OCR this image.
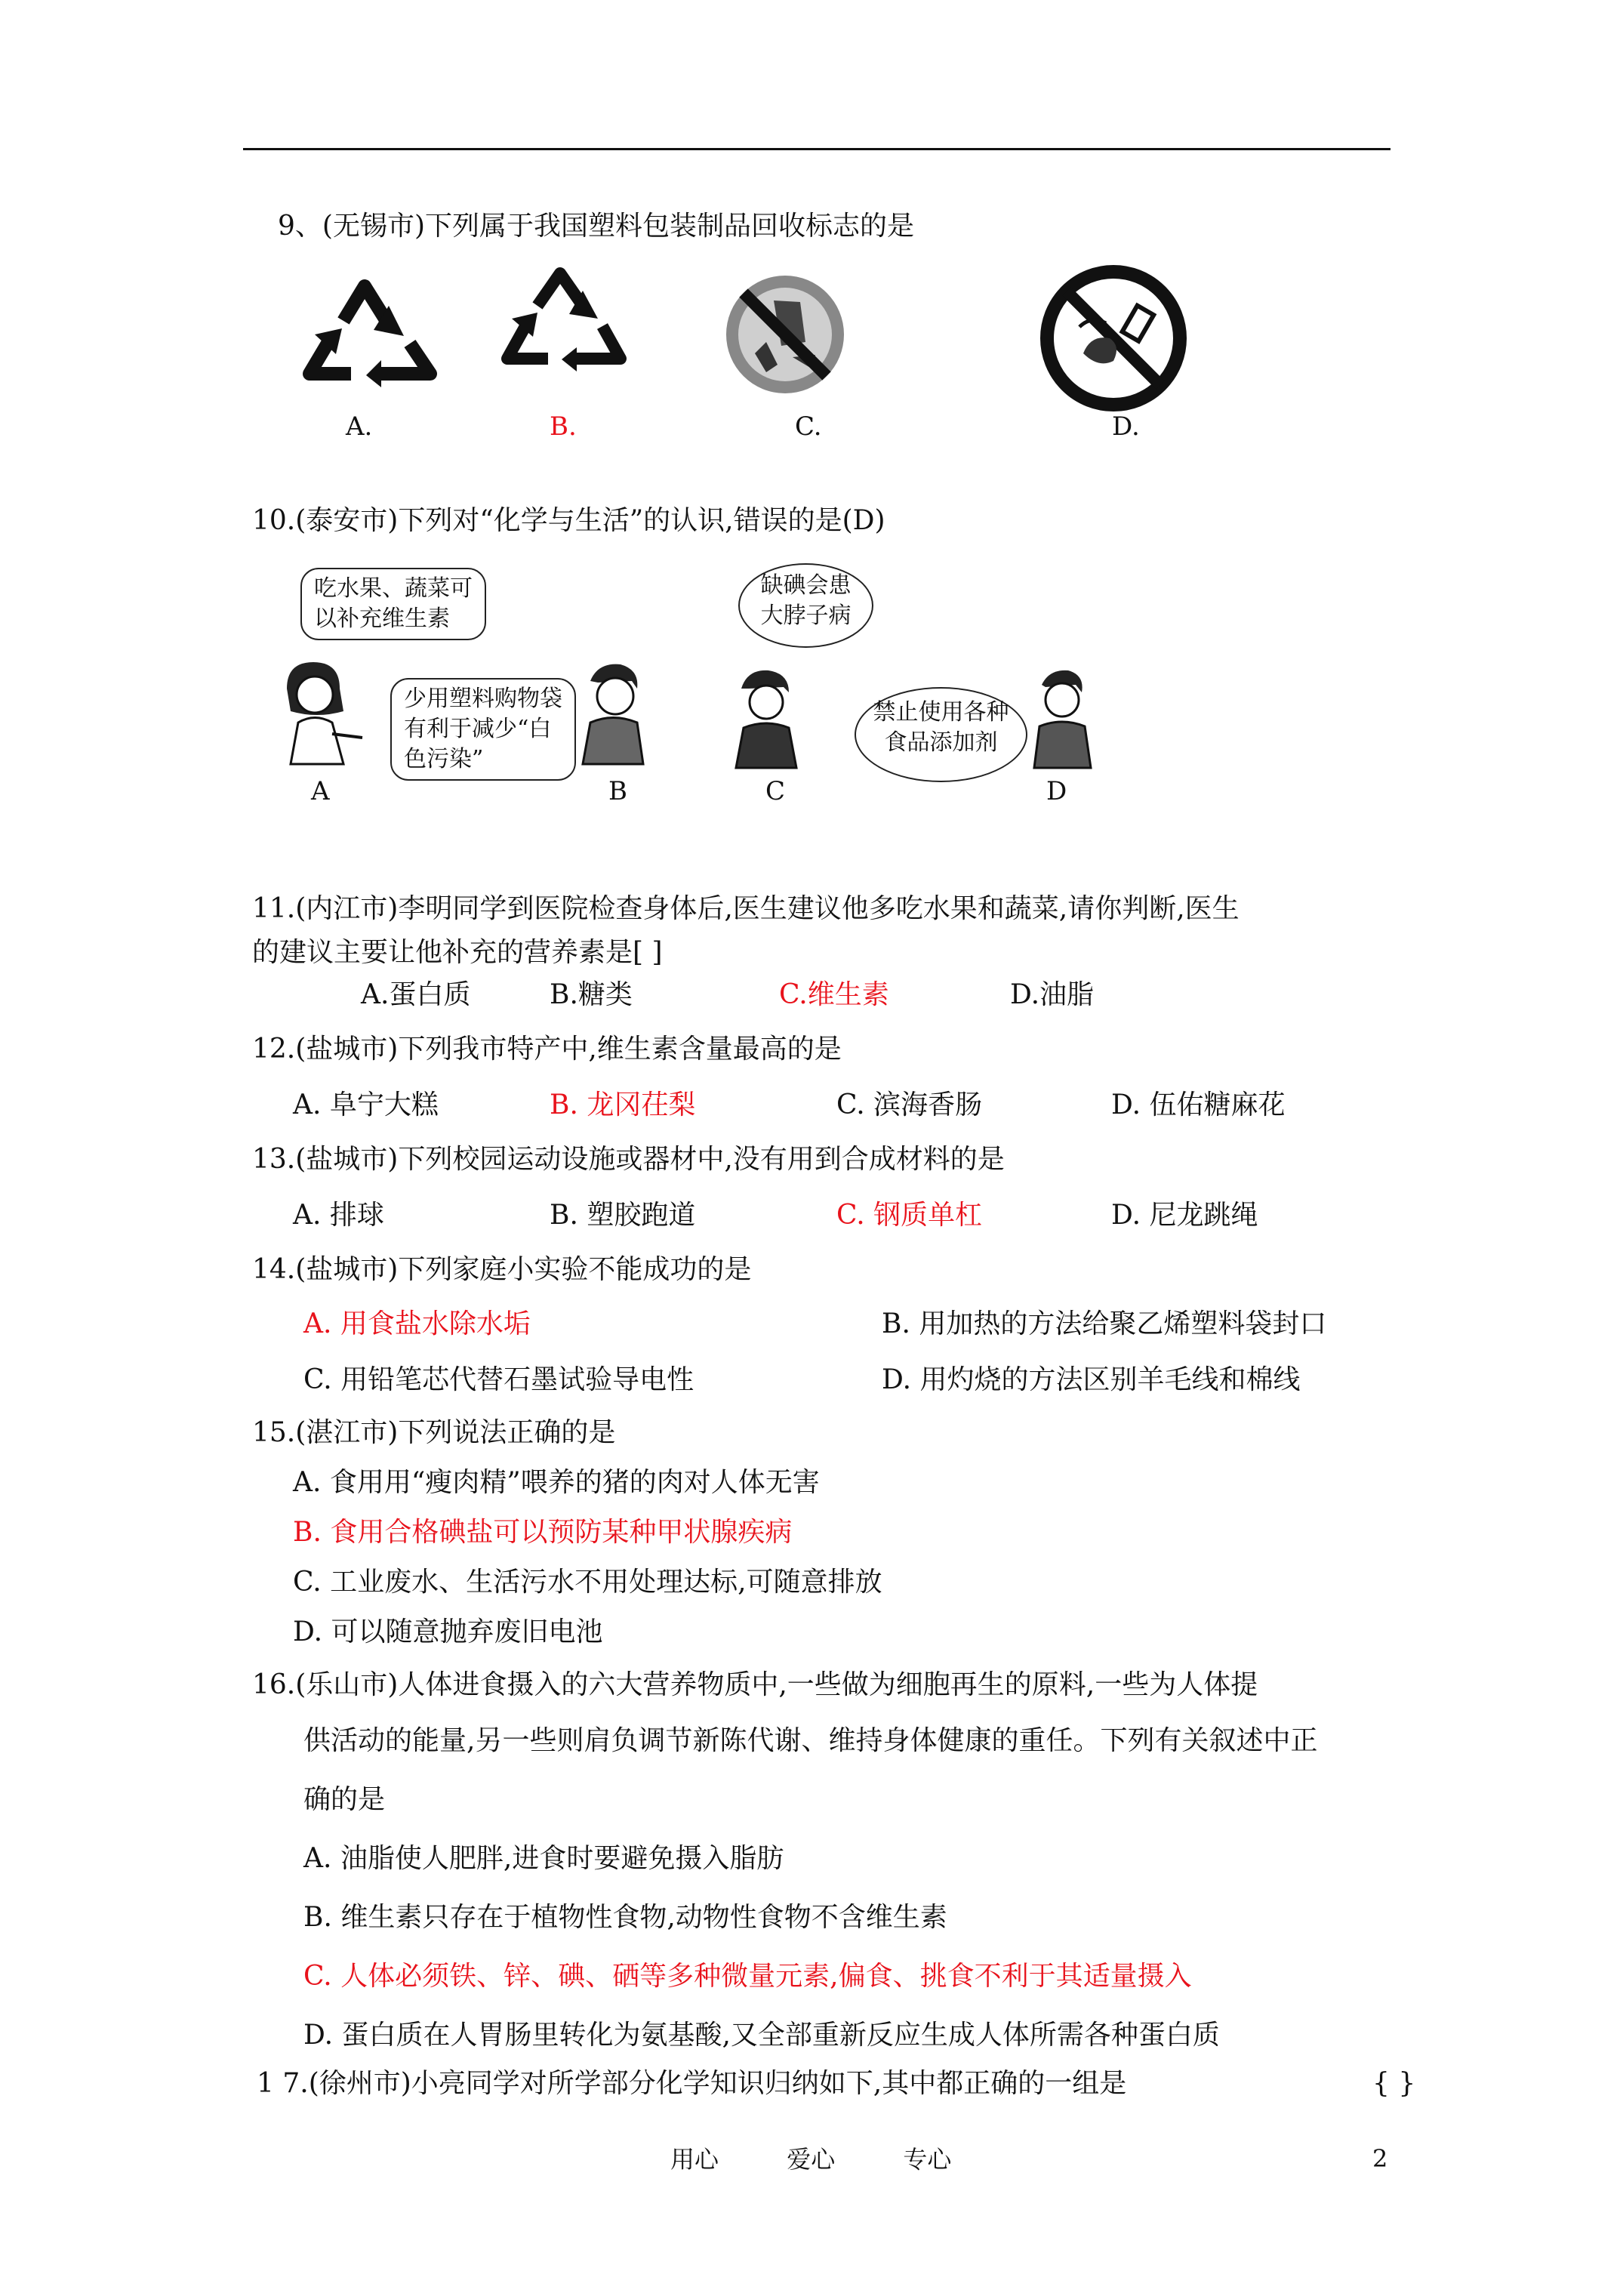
9、(无锡市)下列属于我国塑料包装制品回收标志的是
A.	B.	C.	D.
10.(泰安市)下列对“化学与生活”的认识,错误的是(D)
吃水果、蔬菜可
以补充维生素
少用塑料购物袋
有利于减少“白
色污染”
缺碘会患
大脖子病
禁止使用各种
食品添加剂
A	B	C	D
11.(内江市)李明同学到医院检查身体后,医生建议他多吃水果和蔬菜,请你判断,医生
的建议主要让他补充的营养素是[ ]
A.蛋白质	B.糖类	C.维生素	D.油脂
12.(盐城市)下列我市特产中,维生素含量最高的是
A. 阜宁大糕	B. 龙冈茌梨	C. 滨海香肠	D. 伍佑糖麻花
13.(盐城市)下列校园运动设施或器材中,没有用到合成材料的是
A. 排球	B. 塑胶跑道	C. 钢质单杠	D. 尼龙跳绳
14.(盐城市)下列家庭小实验不能成功的是
A. 用食盐水除水垢	B. 用加热的方法给聚乙烯塑料袋封口
C. 用铅笔芯代替石墨试验导电性	D. 用灼烧的方法区别羊毛线和棉线
15.(湛江市)下列说法正确的是
A. 食用用“瘦肉精”喂养的猪的肉对人体无害
B. 食用合格碘盐可以预防某种甲状腺疾病
C. 工业废水、生活污水不用处理达标,可随意排放
D. 可以随意抛弃废旧电池
16.(乐山市)人体进食摄入的六大营养物质中,一些做为细胞再生的原料,一些为人体提
供活动的能量,另一些则肩负调节新陈代谢、维持身体健康的重任。下列有关叙述中正
确的是
A. 油脂使人肥胖,进食时要避免摄入脂肪
B. 维生素只存在于植物性食物,动物性食物不含维生素
C. 人体必须铁、锌、碘、硒等多种微量元素,偏食、挑食不利于其适量摄入
D. 蛋白质在人胃肠里转化为氨基酸,又全部重新反应生成人体所需各种蛋白质
1 7.(徐州市)小亮同学对所学部分化学知识归纳如下,其中都正确的一组是	{ }
用心	爱心	专心	2
